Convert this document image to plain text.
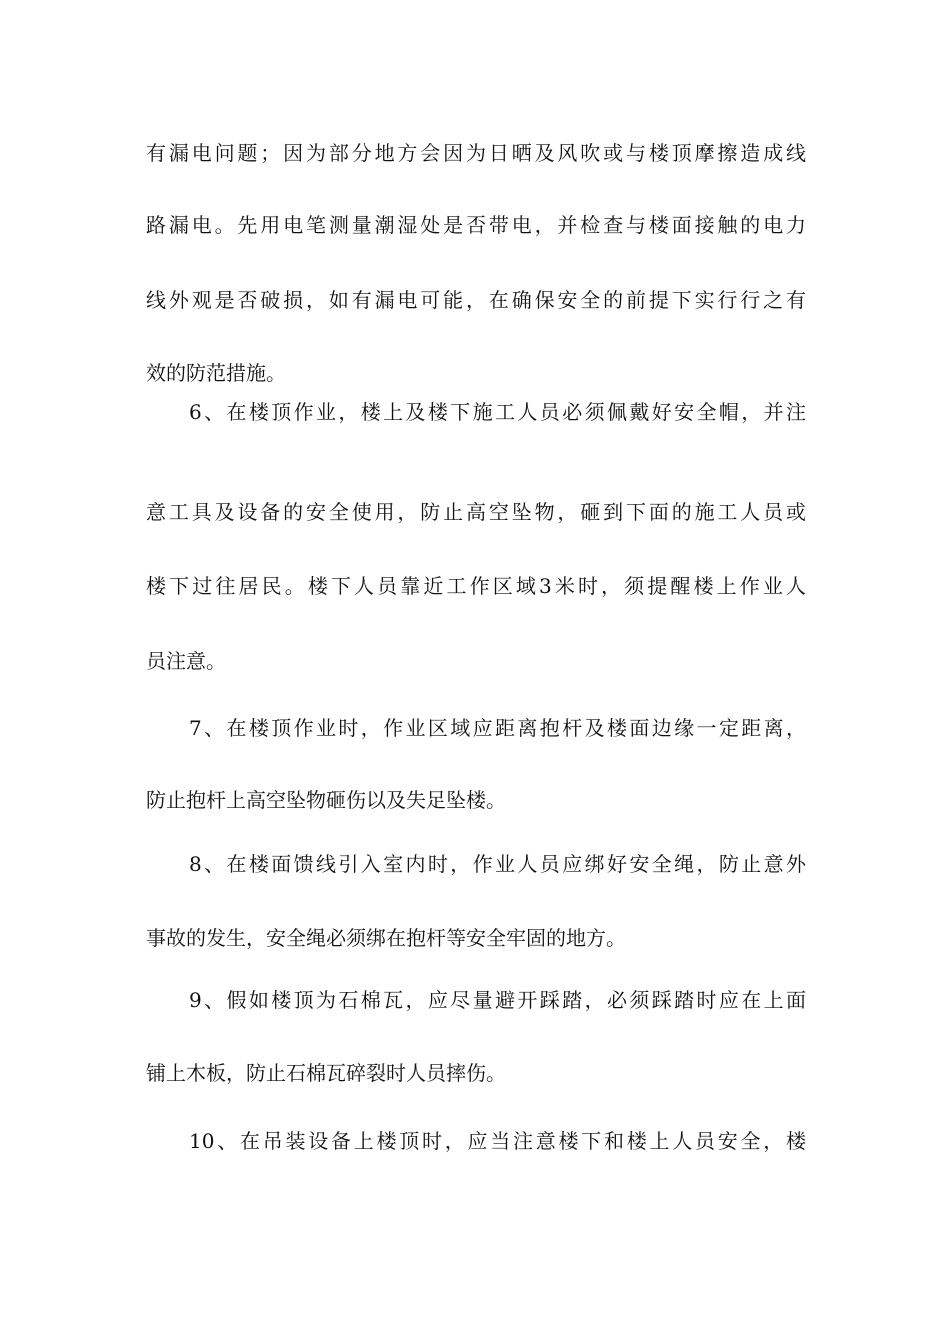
有漏电问题；因为部分地方会因为日晒及风吹或与楼顶摩擦造成线
路漏电。先用电笔测量潮湿处是否带电，并检查与楼面接触的电力
线外观是否破损，如有漏电可能，在确保安全的前提下实行行之有
效的防范措施。
6、在楼顶作业，楼上及楼下施工人员必须佩戴好安全帽，并注
意工具及设备的安全使用，防止高空坠物，砸到下面的施工人员或
楼下过往居民。楼下人员靠近工作区域3米时，须提醒楼上作业人
员注意。
7、在楼顶作业时，作业区域应距离抱杆及楼面边缘一定距离，
防止抱杆上高空坠物砸伤以及失足坠楼。
8、在楼面馈线引入室内时，作业人员应绑好安全绳，防止意外
事故的发生，安全绳必须绑在抱杆等安全牢固的地方。
9、假如楼顶为石棉瓦，应尽量避开踩踏，必须踩踏时应在上面
铺上木板，防止石棉瓦碎裂时人员摔伤。
10、在吊装设备上楼顶时，应当注意楼下和楼上人员安全，楼
